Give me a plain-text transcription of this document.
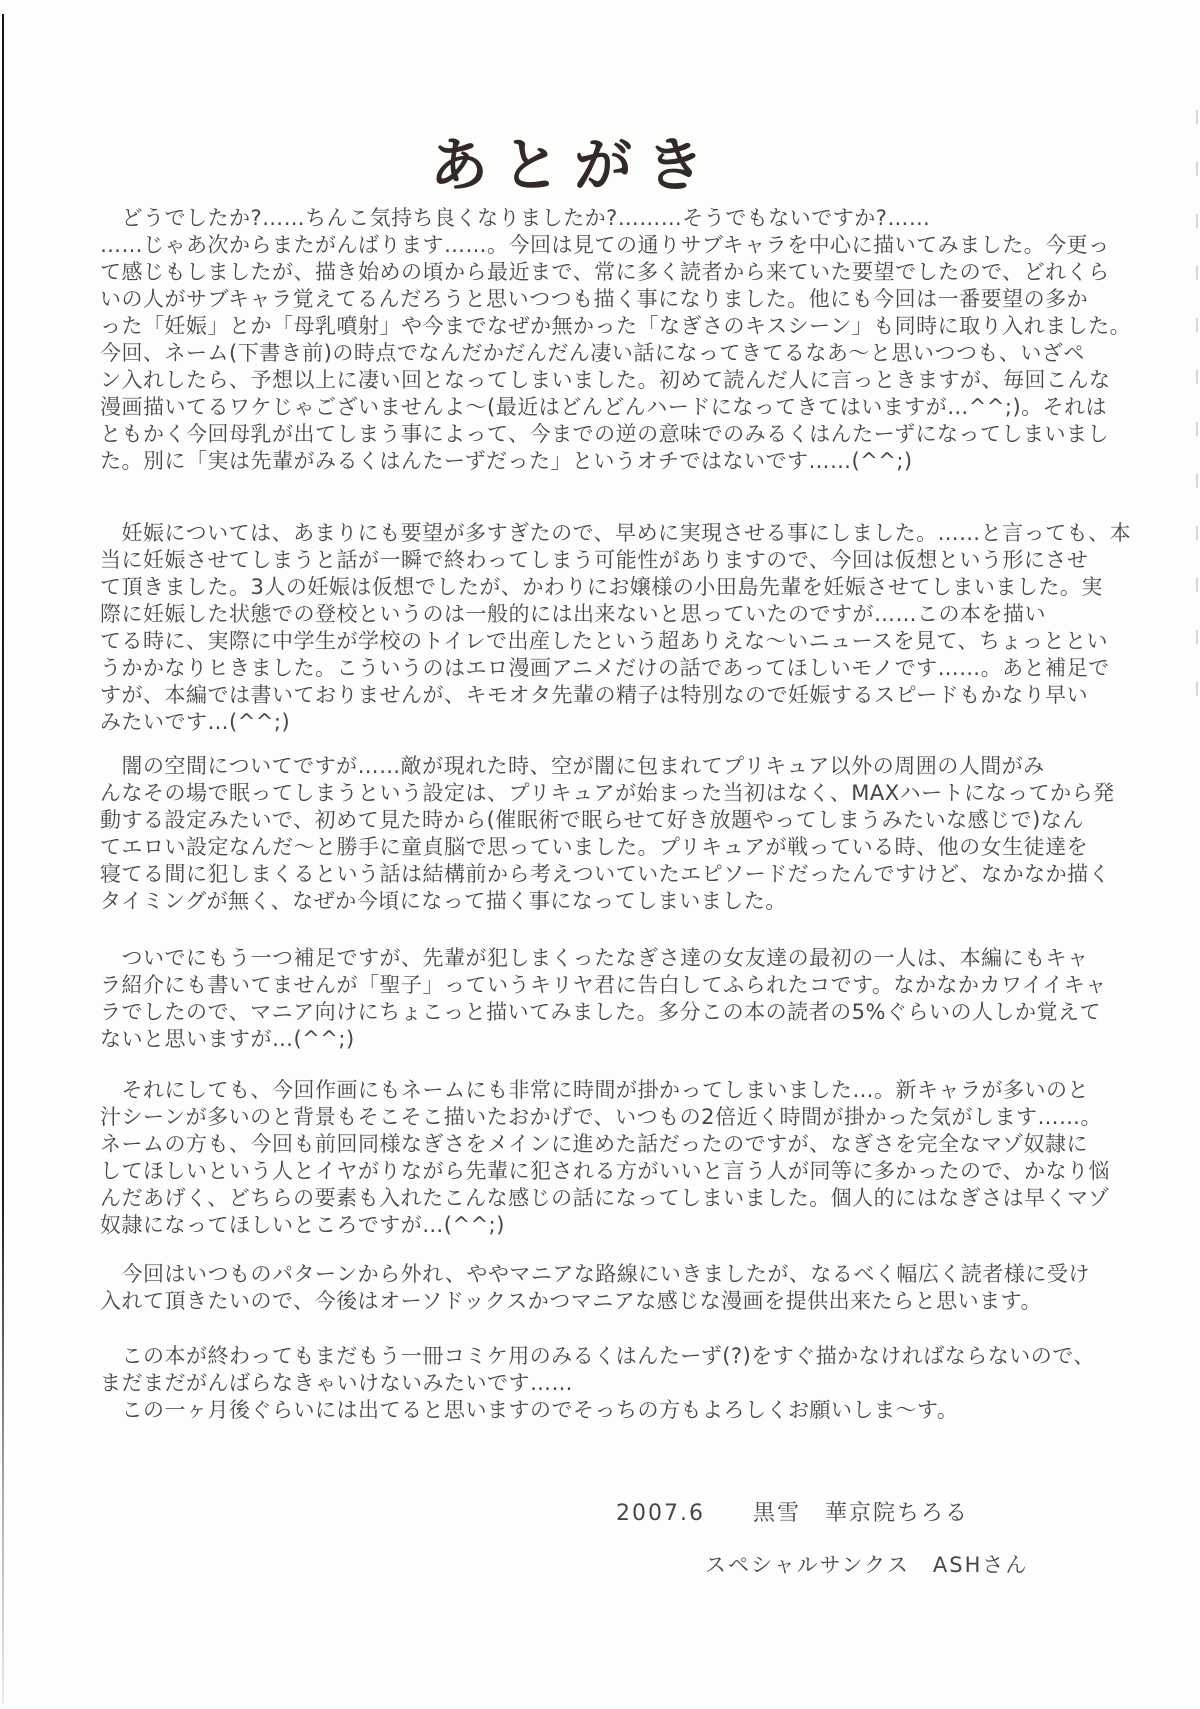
あとがき
　どうでしたか?……ちんこ気持ち良くなりましたか?………そうでもないですか?……
……じゃあ次からまたがんばります……。今回は見ての通りサブキャラを中心に描いてみました。今更っ
て感じもしましたが、描き始めの頃から最近まで、常に多く読者から来ていた要望でしたので、どれくら
いの人がサブキャラ覚えてるんだろうと思いつつも描く事になりました。他にも今回は一番要望の多か
った「妊娠」とか「母乳噴射」や今までなぜか無かった「なぎさのキスシーン」も同時に取り入れました。
今回、ネーム(下書き前)の時点でなんだかだんだん凄い話になってきてるなあ〜と思いつつも、いざペ
ン入れしたら、予想以上に凄い回となってしまいました。初めて読んだ人に言っときますが、毎回こんな
漫画描いてるワケじゃございませんよ〜(最近はどんどんハードになってきてはいますが…^^;)。それは
ともかく今回母乳が出てしまう事によって、今までの逆の意味でのみるくはんたーずになってしまいまし
た。別に「実は先輩がみるくはんたーずだった」というオチではないです……(^^;)
　妊娠については、あまりにも要望が多すぎたので、早めに実現させる事にしました。……と言っても、本
当に妊娠させてしまうと話が一瞬で終わってしまう可能性がありますので、今回は仮想という形にさせ
て頂きました。3人の妊娠は仮想でしたが、かわりにお嬢様の小田島先輩を妊娠させてしまいました。実
際に妊娠した状態での登校というのは一般的には出来ないと思っていたのですが……この本を描い
てる時に、実際に中学生が学校のトイレで出産したという超ありえな〜いニュースを見て、ちょっととい
うかかなりヒきました。こういうのはエロ漫画アニメだけの話であってほしいモノです……。あと補足で
すが、本編では書いておりませんが、キモオタ先輩の精子は特別なので妊娠するスピードもかなり早い
みたいです…(^^;)
　闇の空間についてですが……敵が現れた時、空が闇に包まれてプリキュア以外の周囲の人間がみ
んなその場で眠ってしまうという設定は、プリキュアが始まった当初はなく、MAXハートになってから発
動する設定みたいで、初めて見た時から(催眠術で眠らせて好き放題やってしまうみたいな感じで)なん
てエロい設定なんだ〜と勝手に童貞脳で思っていました。プリキュアが戦っている時、他の女生徒達を
寝てる間に犯しまくるという話は結構前から考えついていたエピソードだったんですけど、なかなか描く
タイミングが無く、なぜか今頃になって描く事になってしまいました。
　ついでにもう一つ補足ですが、先輩が犯しまくったなぎさ達の女友達の最初の一人は、本編にもキャ
ラ紹介にも書いてませんが「聖子」っていうキリヤ君に告白してふられたコです。なかなかカワイイキャ
ラでしたので、マニア向けにちょこっと描いてみました。多分この本の読者の5%ぐらいの人しか覚えて
ないと思いますが…(^^;)
　それにしても、今回作画にもネームにも非常に時間が掛かってしまいました…。新キャラが多いのと
汁シーンが多いのと背景もそこそこ描いたおかげで、いつもの2倍近く時間が掛かった気がします……。
ネームの方も、今回も前回同様なぎさをメインに進めた話だったのですが、なぎさを完全なマゾ奴隷に
してほしいという人とイヤがりながら先輩に犯される方がいいと言う人が同等に多かったので、かなり悩
んだあげく、どちらの要素も入れたこんな感じの話になってしまいました。個人的にはなぎさは早くマゾ
奴隷になってほしいところですが…(^^;)
　今回はいつものパターンから外れ、ややマニアな路線にいきましたが、なるべく幅広く読者様に受け
入れて頂きたいので、今後はオーソドックスかつマニアな感じな漫画を提供出来たらと思います。
　この本が終わってもまだもう一冊コミケ用のみるくはんたーず(?)をすぐ描かなければならないので、
まだまだがんばらなきゃいけないみたいです……
　この一ヶ月後ぐらいには出てると思いますのでそっちの方もよろしくお願いしま〜す。
2007.6　　黒雪　華京院ちろる
スペシャルサンクス　ASHさん
